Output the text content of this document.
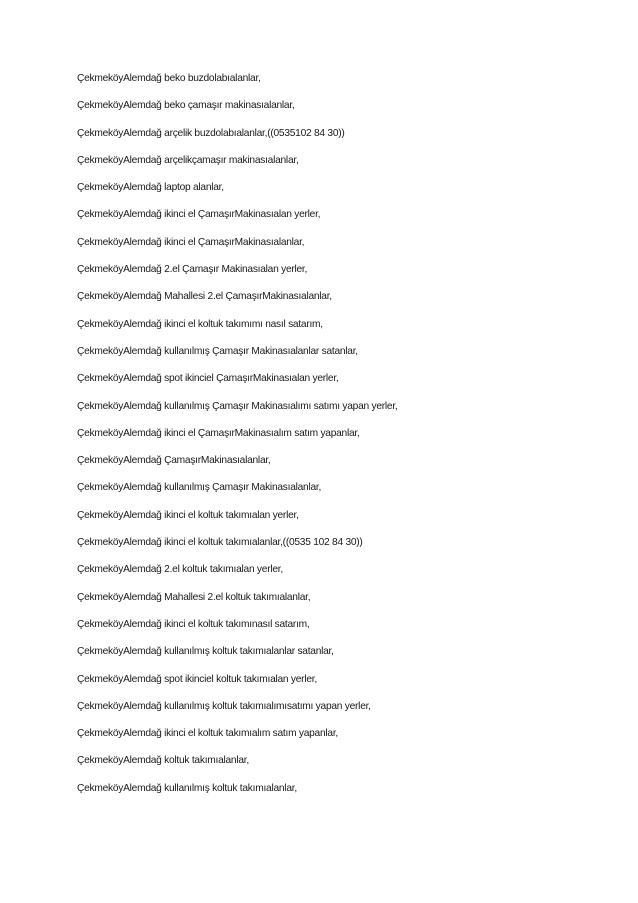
ÇekmeköyAlemdağ beko buzdolabıalanlar,
ÇekmeköyAlemdağ beko çamaşır makinasıalanlar,
ÇekmeköyAlemdağ arçelik buzdolabıalanlar,((0535102 84 30))
ÇekmeköyAlemdağ arçelikçamaşır makinasıalanlar,
ÇekmeköyAlemdağ laptop alanlar,
ÇekmeköyAlemdağ ikinci el ÇamaşırMakinasıalan yerler,
ÇekmeköyAlemdağ ikinci el ÇamaşırMakinasıalanlar,
ÇekmeköyAlemdağ 2.el Çamaşır Makinasıalan yerler,
ÇekmeköyAlemdağ Mahallesi 2.el ÇamaşırMakinasıalanlar,
ÇekmeköyAlemdağ ikinci el koltuk takımımı nasıl satarım,
ÇekmeköyAlemdağ kullanılmış Çamaşır Makinasıalanlar satanlar,
ÇekmeköyAlemdağ spot ikinciel ÇamaşırMakinasıalan yerler,
ÇekmeköyAlemdağ kullanılmış Çamaşır Makinasıalımı satımı yapan yerler,
ÇekmeköyAlemdağ ikinci el ÇamaşırMakinasıalım satım yapanlar,
ÇekmeköyAlemdağ ÇamaşırMakinasıalanlar,
ÇekmeköyAlemdağ kullanılmış Çamaşır Makinasıalanlar,
ÇekmeköyAlemdağ ikinci el koltuk takımıalan yerler,
ÇekmeköyAlemdağ ikinci el koltuk takımıalanlar,((0535 102 84 30))
ÇekmeköyAlemdağ 2.el koltuk takımıalan yerler,
ÇekmeköyAlemdağ Mahallesi 2.el koltuk takımıalanlar,
ÇekmeköyAlemdağ ikinci el koltuk takımınasıl satarım,
ÇekmeköyAlemdağ kullanılmış koltuk takımıalanlar satanlar,
ÇekmeköyAlemdağ spot ikinciel koltuk takımıalan yerler,
ÇekmeköyAlemdağ kullanılmış koltuk takımıalımısatımı yapan yerler,
ÇekmeköyAlemdağ ikinci el koltuk takımıalım satım yapanlar,
ÇekmeköyAlemdağ koltuk takımıalanlar,
ÇekmeköyAlemdağ kullanılmış koltuk takımıalanlar,
